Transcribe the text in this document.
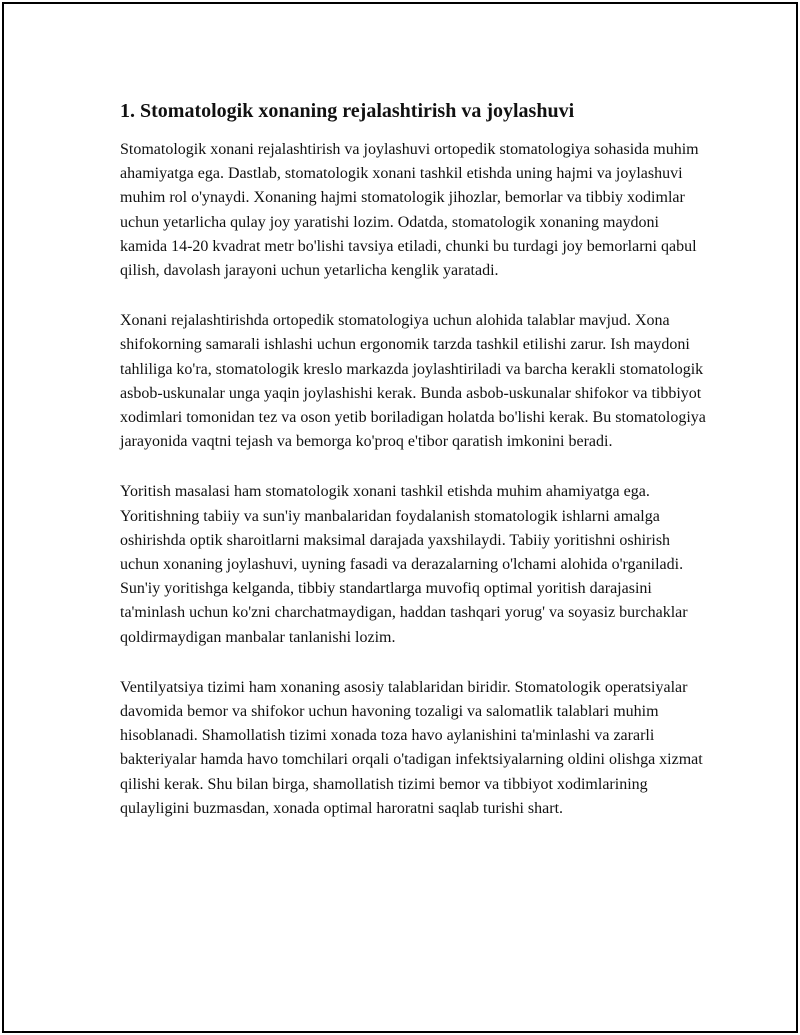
1. Stomatologik xonaning rejalashtirish va joylashuvi

Stomatologik xonani rejalashtirish va joylashuvi ortopedik stomatologiya sohasida muhim ahamiyatga ega. Dastlab, stomatologik xonani tashkil etishda uning hajmi va joylashuvi muhim rol o'ynaydi. Xonaning hajmi stomatologik jihozlar, bemorlar va tibbiy xodimlar uchun yetarlicha qulay joy yaratishi lozim. Odatda, stomatologik xonaning maydoni kamida 14-20 kvadrat metr bo'lishi tavsiya etiladi, chunki bu turdagi joy bemorlarni qabul qilish, davolash jarayoni uchun yetarlicha kenglik yaratadi.

Xonani rejalashtirishda ortopedik stomatologiya uchun alohida talablar mavjud. Xona shifokorning samarali ishlashi uchun ergonomik tarzda tashkil etilishi zarur. Ish maydoni tahliliga ko'ra, stomatologik kreslo markazda joylashtiriladi va barcha kerakli stomatologik asbob-uskunalar unga yaqin joylashishi kerak. Bunda asbob-uskunalar shifokor va tibbiyot xodimlari tomonidan tez va oson yetib boriladigan holatda bo'lishi kerak. Bu stomatologiya jarayonida vaqtni tejash va bemorga ko'proq e'tibor qaratish imkonini beradi.

Yoritish masalasi ham stomatologik xonani tashkil etishda muhim ahamiyatga ega. Yoritishning tabiiy va sun'iy manbalaridan foydalanish stomatologik ishlarni amalga oshirishda optik sharoitlarni maksimal darajada yaxshilaydi. Tabiiy yoritishni oshirish uchun xonaning joylashuvi, uyning fasadi va derazalarning o'lchami alohida o'rganiladi. Sun'iy yoritishga kelganda, tibbiy standartlarga muvofiq optimal yoritish darajasini ta'minlash uchun ko'zni charchatmaydigan, haddan tashqari yorug' va soyasiz burchaklar qoldirmaydigan manbalar tanlanishi lozim.

Ventilyatsiya tizimi ham xonaning asosiy talablaridan biridir. Stomatologik operatsiyalar davomida bemor va shifokor uchun havoning tozaligi va salomatlik talablari muhim hisoblanadi. Shamollatish tizimi xonada toza havo aylanishini ta'minlashi va zararli bakteriyalar hamda havo tomchilari orqali o'tadigan infektsiyalarning oldini olishga xizmat qilishi kerak. Shu bilan birga, shamollatish tizimi bemor va tibbiyot xodimlarining qulayligini buzmasdan, xonada optimal haroratni saqlab turishi shart.
